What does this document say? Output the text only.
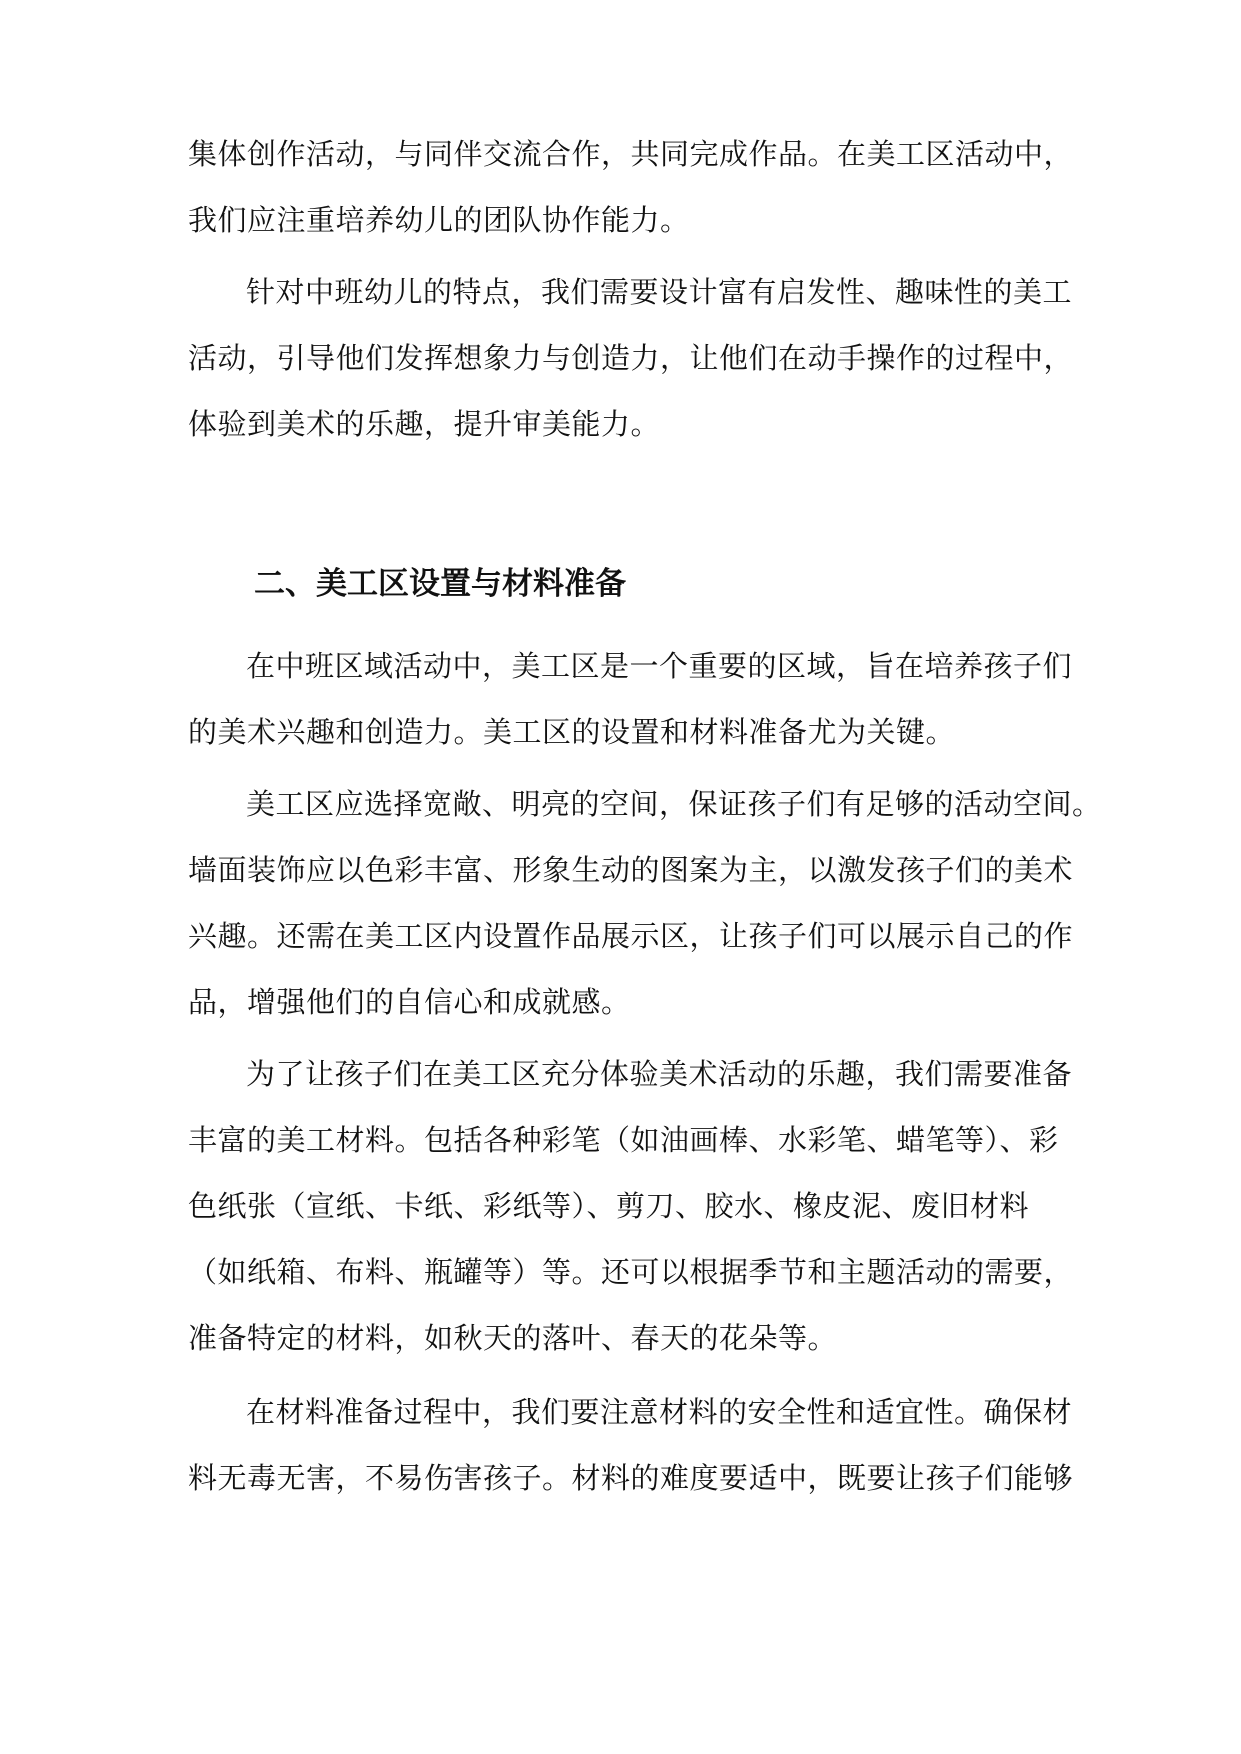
集体创作活动，与同伴交流合作，共同完成作品。在美工区活动中，
我们应注重培养幼儿的团队协作能力。
针对中班幼儿的特点，我们需要设计富有启发性、趣味性的美工
活动，引导他们发挥想象力与创造力，让他们在动手操作的过程中，
体验到美术的乐趣，提升审美能力。
二、美工区设置与材料准备
在中班区域活动中，美工区是一个重要的区域，旨在培养孩子们
的美术兴趣和创造力。美工区的设置和材料准备尤为关键。
美工区应选择宽敞、明亮的空间，保证孩子们有足够的活动空间。
墙面装饰应以色彩丰富、形象生动的图案为主，以激发孩子们的美术
兴趣。还需在美工区内设置作品展示区，让孩子们可以展示自己的作
品，增强他们的自信心和成就感。
为了让孩子们在美工区充分体验美术活动的乐趣，我们需要准备
丰富的美工材料。包括各种彩笔（如油画棒、水彩笔、蜡笔等）、彩
色纸张（宣纸、卡纸、彩纸等）、剪刀、胶水、橡皮泥、废旧材料
（如纸箱、布料、瓶罐等）等。还可以根据季节和主题活动的需要，
准备特定的材料，如秋天的落叶、春天的花朵等。
在材料准备过程中，我们要注意材料的安全性和适宜性。确保材
料无毒无害，不易伤害孩子。材料的难度要适中，既要让孩子们能够
